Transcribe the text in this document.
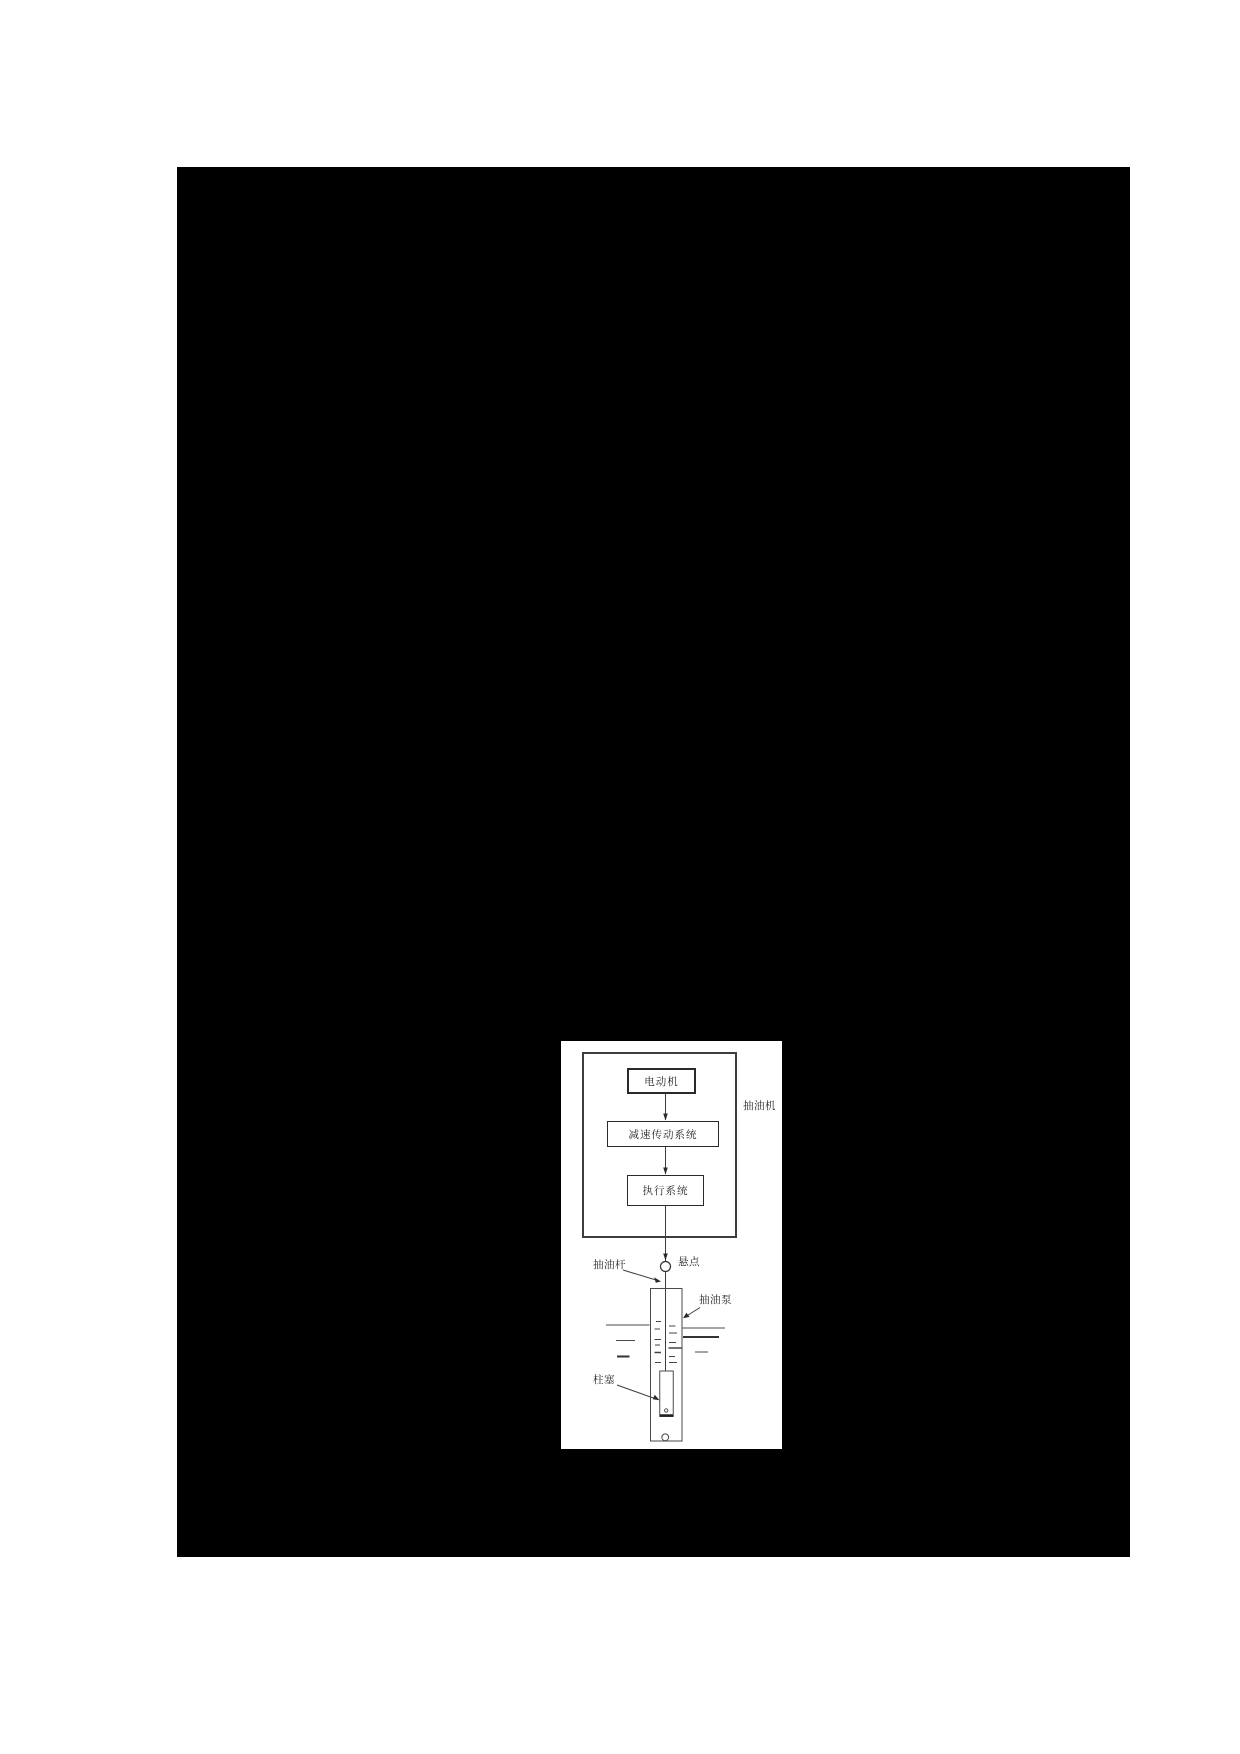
电动机
减速传动系统
执行系统
抽油机
悬点
抽油杆
抽油泵
柱塞
